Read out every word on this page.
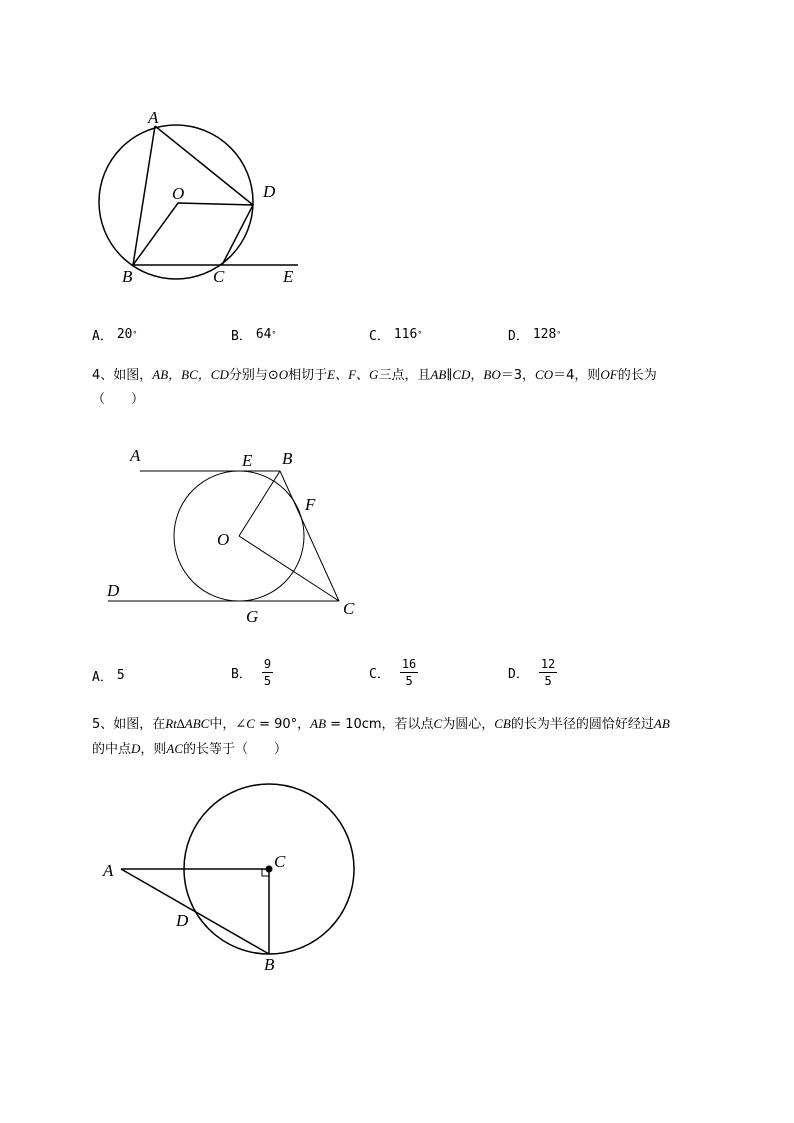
A
O	D
B	C	E
A． 20 °	B． 64 °	C． 116 °	D． 128 °
4、如图，AB，BC，CD分别与⊙O相切于E、F、G三点，且AB∥CD，BO＝3，CO＝4，则OF的长为
（　　）
A	E B
F
O
D
G	C
A． 5	B． $\frac{9}{5}$	C． $\frac{16}{5}$	D． $\frac{12}{5}$
5、如图，在Rt∆ABC中，∠C = 90°，AB = 10cm，若以点C为圆心，CB的长为半径的圆恰好经过AB
的中点D，则AC的长等于（　　）
A	C
D
B
